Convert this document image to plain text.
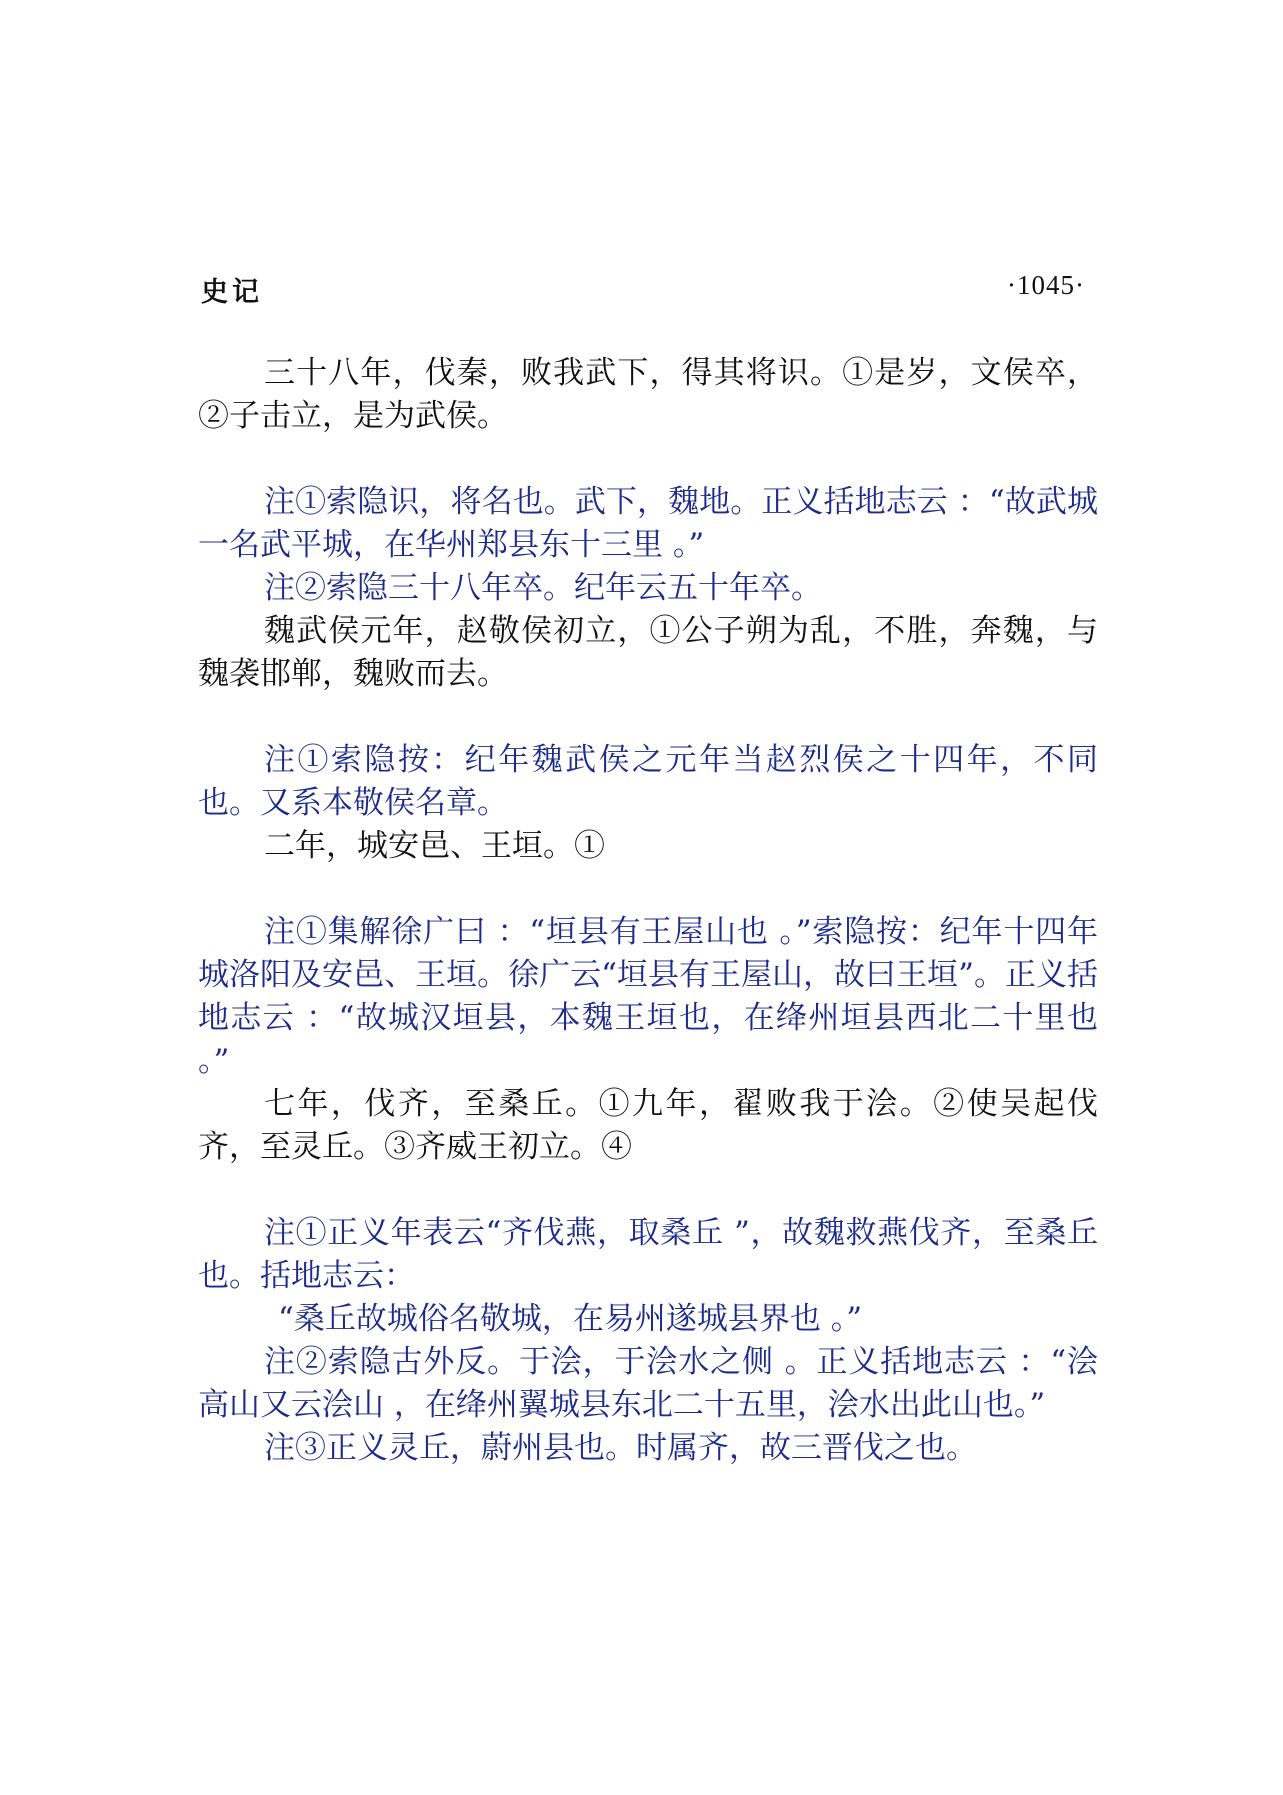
史记	·1045·

三十八年，伐秦，败我武下，得其将识。①是岁，文侯卒，②子击立，是为武侯。

注①索隐识，将名也。武下，魏地。正义括地志云 ：“故武城一名武平城，在华州郑县东十三里 。”

注②索隐三十八年卒。纪年云五十年卒。

魏武侯元年，赵敬侯初立，①公子朔为乱，不胜，奔魏，与魏袭邯郸，魏败而去。

注①索隐按：纪年魏武侯之元年当赵烈侯之十四年，不同也。又系本敬侯名章。

二年，城安邑、王垣。①

注①集解徐广曰 ：“垣县有王屋山也 。”索隐按：纪年十四年城洛阳及安邑、王垣。徐广云“垣县有王屋山，故曰王垣”。正义括地志云 ：“故城汉垣县，本魏王垣也，在绛州垣县西北二十里也 。”

七年，伐齐，至桑丘。①九年，翟败我于浍。②使吴起伐齐，至灵丘。③齐威王初立。④

注①正义年表云“齐伐燕，取桑丘 ”，故魏救燕伐齐，至桑丘也。括地志云：

“桑丘故城俗名敬城，在易州遂城县界也 。”

注②索隐古外反。于浍，于浍水之侧 。正义括地志云 ：“浍高山又云浍山 ，在绛州翼城县东北二十五里，浍水出此山也。”

注③正义灵丘，蔚州县也。时属齐，故三晋伐之也。
